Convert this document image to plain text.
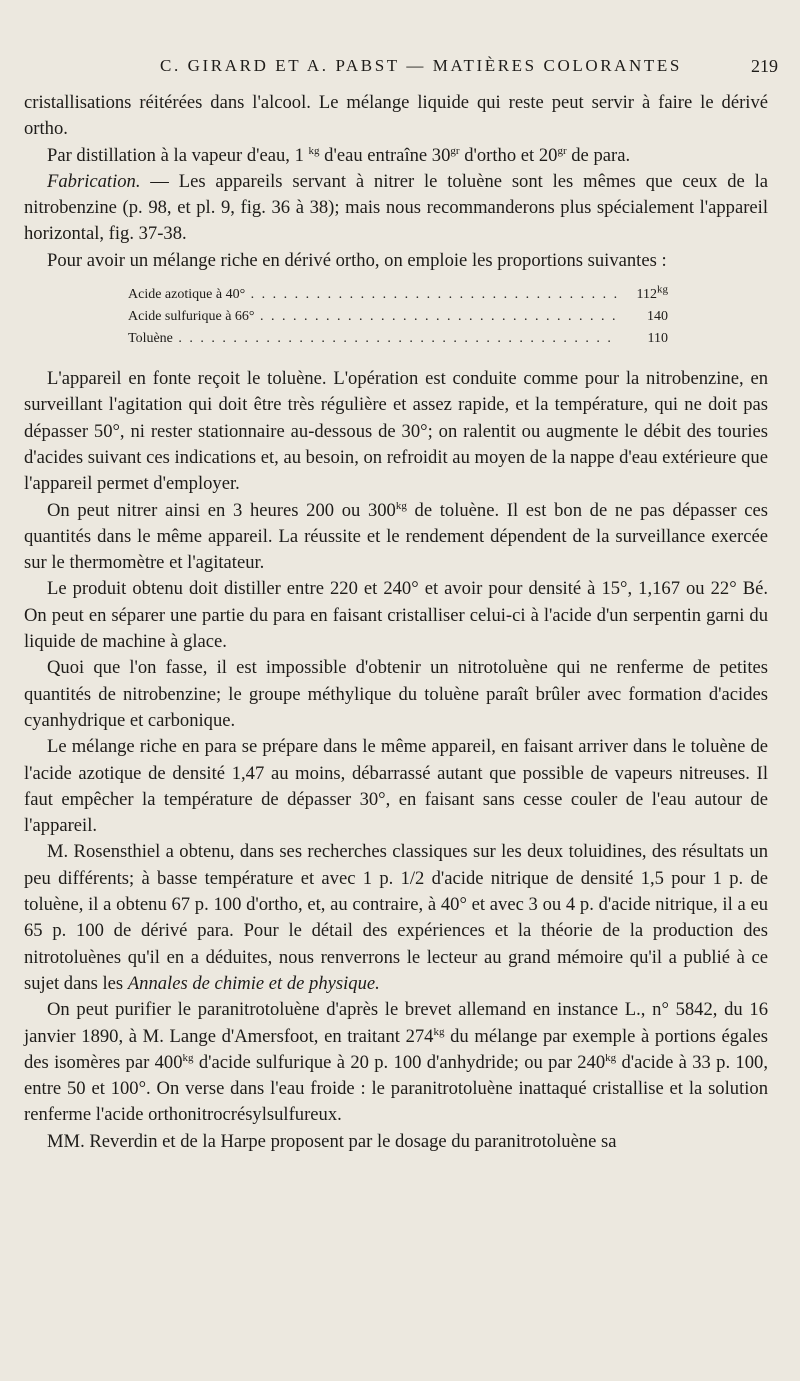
C. GIRARD ET A. PABST — MATIÈRES COLORANTES	219

cristallisations réitérées dans l'alcool. Le mélange liquide qui reste peut servir à faire le dérivé ortho.

Par distillation à la vapeur d'eau, 1 $^{kg}$ d'eau entraîne $30^{gr}$ d'ortho et $20^{gr}$ de para.

Fabrication. — Les appareils servant à nitrer le toluène sont les mêmes que ceux de la nitrobenzine (p. 98, et pl. 9, fig. 36 à 38); mais nous recommanderons plus spécialement l'appareil horizontal, fig. 37-38.

Pour avoir un mélange riche en dérivé ortho, on emploie les proportions suivantes :

Acide azotique à 40° . . .	$112^{kg}$
Acide sulfurique à 66° . . .	140
Toluène . . .	110

L'appareil en fonte reçoit le toluène. L'opération est conduite comme pour la nitrobenzine, en surveillant l'agitation qui doit être très régulière et assez rapide, et la température, qui ne doit pas dépasser 50°, ni rester stationnaire au-dessous de 30°; on ralentit ou augmente le débit des touries d'acides suivant ces indications et, au besoin, on refroidit au moyen de la nappe d'eau extérieure que l'appareil permet d'employer.

On peut nitrer ainsi en 3 heures 200 ou $300^{kg}$ de toluène. Il est bon de ne pas dépasser ces quantités dans le même appareil. La réussite et le rendement dépendent de la surveillance exercée sur le thermomètre et l'agitateur.

Le produit obtenu doit distiller entre 220 et 240° et avoir pour densité à 15°, 1,167 ou 22° Bé. On peut en séparer une partie du para en faisant cristalliser celui-ci à l'acide d'un serpentin garni du liquide de machine à glace.

Quoi que l'on fasse, il est impossible d'obtenir un nitrotoluène qui ne renferme de petites quantités de nitrobenzine; le groupe méthylique du toluène paraît brûler avec formation d'acides cyanhydrique et carbonique.

Le mélange riche en para se prépare dans le même appareil, en faisant arriver dans le toluène de l'acide azotique de densité 1,47 au moins, débarrassé autant que possible de vapeurs nitreuses. Il faut empêcher la température de dépasser 30°, en faisant sans cesse couler de l'eau autour de l'appareil.

M. Rosensthiel a obtenu, dans ses recherches classiques sur les deux toluidines, des résultats un peu différents; à basse température et avec 1 p. 1/2 d'acide nitrique de densité 1,5 pour 1 p. de toluène, il a obtenu 67 p. 100 d'ortho, et, au contraire, à 40° et avec 3 ou 4 p. d'acide nitrique, il a eu 65 p. 100 de dérivé para. Pour le détail des expériences et la théorie de la production des nitrotoluènes qu'il en a déduites, nous renverrons le lecteur au grand mémoire qu'il a publié à ce sujet dans les Annales de chimie et de physique.

On peut purifier le paranitrotoluène d'après le brevet allemand en instance L., n° 5842, du 16 janvier 1890, à M. Lange d'Amersfoot, en traitant $274^{kg}$ du mélange par exemple à portions égales des isomères par $400^{kg}$ d'acide sulfurique à 20 p. 100 d'anhydride; ou par $240^{kg}$ d'acide à 33 p. 100, entre 50 et 100°. On verse dans l'eau froide : le paranitrotoluène inattaqué cristallise et la solution renferme l'acide orthonitrocrésylsulfureux.

MM. Reverdin et de la Harpe proposent par le dosage du paranitrotoluène sa
